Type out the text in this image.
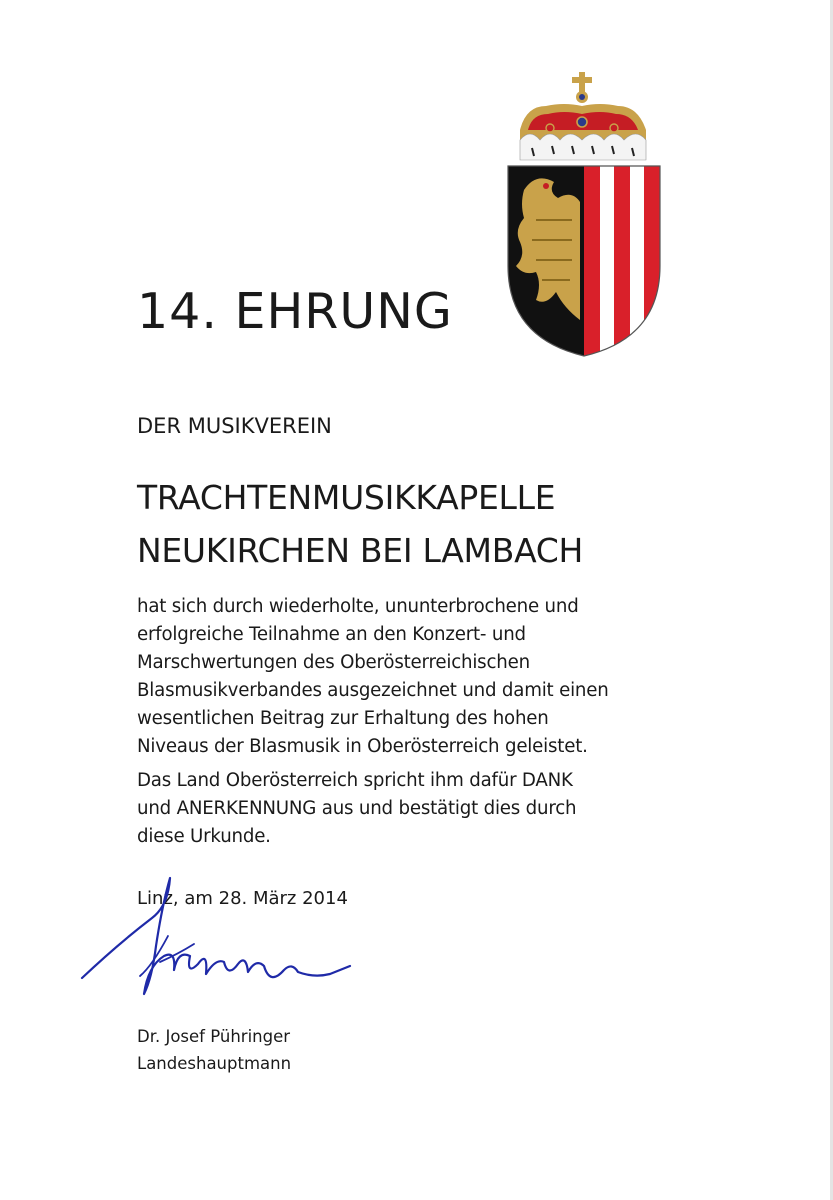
14. EHRUNG
DER MUSIKVEREIN
TRACHTENMUSIKKAPELLE
NEUKIRCHEN BEI LAMBACH
hat sich durch wiederholte, ununterbrochene und
erfolgreiche Teilnahme an den Konzert- und
Marschwertungen des Oberösterreichischen
Blasmusikverbandes ausgezeichnet und damit einen
wesentlichen Beitrag zur Erhaltung des hohen
Niveaus der Blasmusik in Oberösterreich geleistet.
Das Land Oberösterreich spricht ihm dafür DANK
und ANERKENNUNG aus und bestätigt dies durch
diese Urkunde.
Linz, am 28. März 2014
Dr. Josef Pühringer
Landeshauptmann
